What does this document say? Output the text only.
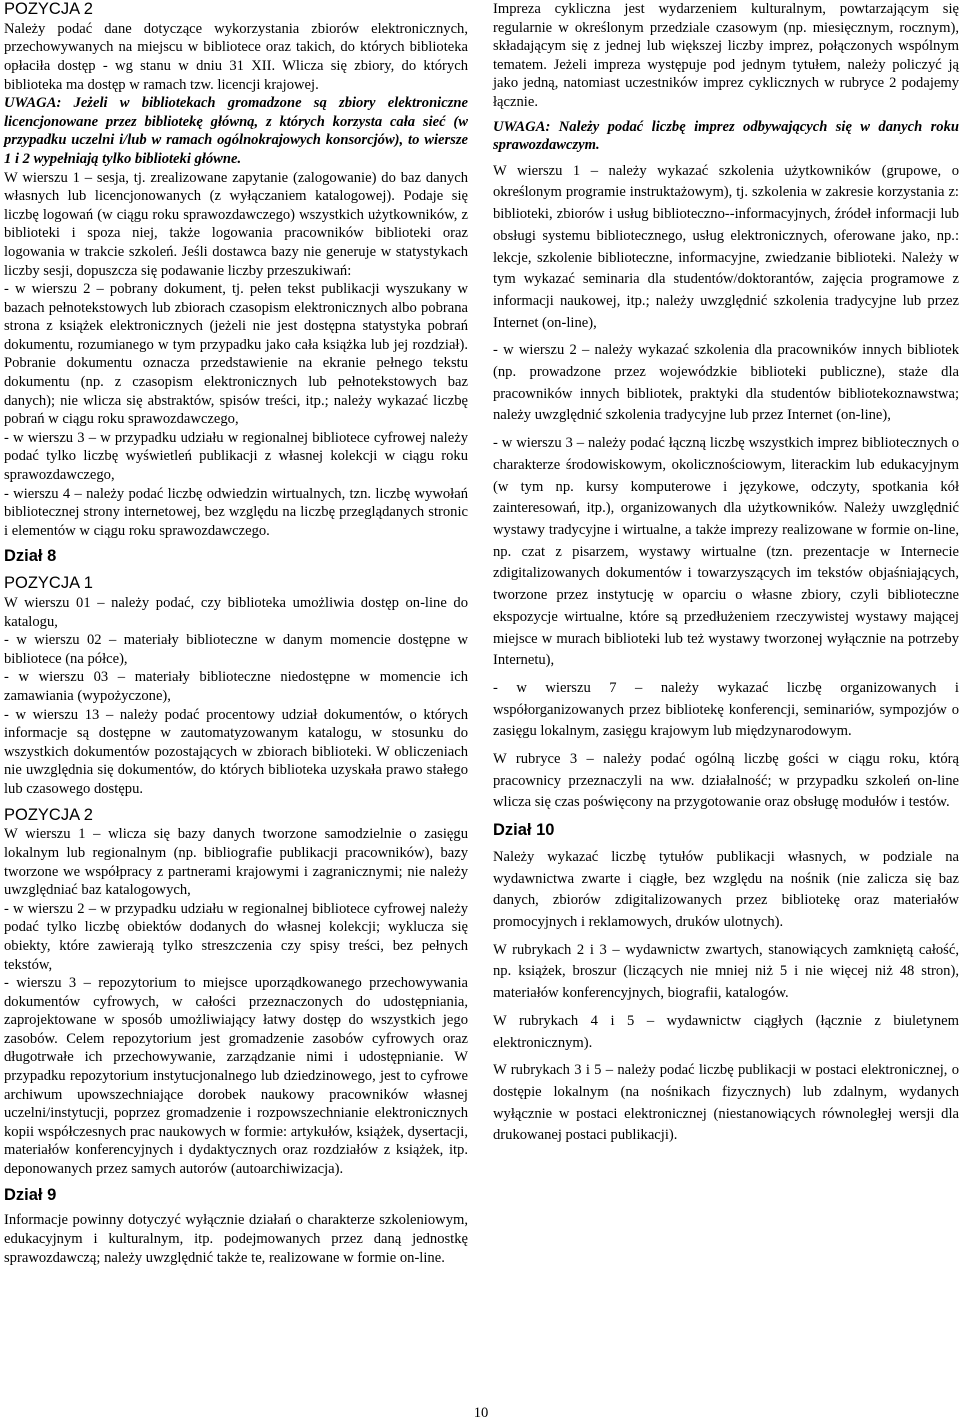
POZYCJA 2

Należy podać dane dotyczące wykorzystania zbiorów elektronicznych, przechowywanych na miejscu w bibliotece oraz takich, do których biblioteka opłaciła dostęp - wg stanu w dniu 31 XII. Wlicza się zbiory, do których biblioteka ma dostęp w ramach tzw. licencji krajowej.

UWAGA: Jeżeli w bibliotekach gromadzone są zbiory elektroniczne licencjonowane przez bibliotekę główną, z których korzysta cała sieć (w przypadku uczelni i/lub w ramach ogólnokrajowych konsorcjów), to wiersze 1 i 2 wypełniają tylko biblioteki główne.

W wierszu 1 – sesja, tj. zrealizowane zapytanie (zalogowanie) do baz danych własnych lub licencjonowanych (z wyłączaniem katalogowej). Podaje się liczbę logowań (w ciągu roku sprawozdawczego) wszystkich użytkowników, z biblioteki i spoza niej, także logowania pracowników biblioteki oraz logowania w trakcie szkoleń. Jeśli dostawca bazy nie generuje w statystykach liczby sesji, dopuszcza się podawanie liczby przeszukiwań:

- w wierszu 2 – pobrany dokument, tj. pełen tekst publikacji wyszukany w bazach pełnotekstowych lub zbiorach czasopism elektronicznych albo pobrana strona z książek elektronicznych (jeżeli nie jest dostępna statystyka pobrań dokumentu, rozumianego w tym przypadku jako cała książka lub jej rozdział). Pobranie dokumentu oznacza przedstawienie na ekranie pełnego tekstu dokumentu (np. z czasopism elektronicznych lub pełnotekstowych baz danych); nie wlicza się abstraktów, spisów treści, itp.; należy wykazać liczbę pobrań w ciągu roku sprawozdawczego,

- w wierszu 3 – w przypadku udziału w regionalnej bibliotece cyfrowej należy podać tylko liczbę wyświetleń publikacji z własnej kolekcji w ciągu roku sprawozdawczego,

- wierszu 4 – należy podać liczbę odwiedzin wirtualnych, tzn. liczbę wywołań bibliotecznej strony internetowej, bez względu na liczbę przeglądanych stronic i elementów w ciągu roku sprawozdawczego.

Dział 8
POZYCJA 1

W wierszu 01 – należy podać, czy biblioteka umożliwia dostęp on-line do katalogu,

- w wierszu 02 – materiały biblioteczne w danym momencie dostępne w bibliotece (na półce),

- w wierszu 03 – materiały biblioteczne niedostępne w momencie ich zamawiania (wypożyczone),

- w wierszu 13 – należy podać procentowy udział dokumentów, o których informacje są dostępne w zautomatyzowanym katalogu, w stosunku do wszystkich dokumentów pozostających w zbiorach biblioteki. W obliczeniach nie uwzględnia się dokumentów, do których biblioteka uzyskała prawo stałego lub czasowego dostępu.

POZYCJA 2

W wierszu 1 – wlicza się bazy danych tworzone samodzielnie o zasięgu lokalnym lub regionalnym (np. bibliografie publikacji pracowników), bazy tworzone we współpracy z partnerami krajowymi i zagranicznymi; nie należy uwzględniać baz katalogowych,

- w wierszu 2 – w przypadku udziału w regionalnej bibliotece cyfrowej należy podać tylko liczbę obiektów dodanych do własnej kolekcji; wyklucza się obiekty, które zawierają tylko streszczenia czy spisy treści, bez pełnych tekstów,

- wierszu 3 – repozytorium to miejsce uporządkowanego przechowywania dokumentów cyfrowych, w całości przeznaczonych do udostępniania, zaprojektowane w sposób umożliwiający łatwy dostęp do wszystkich jego zasobów. Celem repozytorium jest gromadzenie zasobów cyfrowych oraz długotrwałe ich przechowywanie, zarządzanie nimi i udostępnianie. W przypadku repozytorium instytucjonalnego lub dziedzinowego, jest to cyfrowe archiwum upowszechniające dorobek naukowy pracowników własnej uczelni/instytucji, poprzez gromadzenie i rozpowszechnianie elektronicznych kopii współczesnych prac naukowych w formie: artykułów, książek, dysertacji, materiałów konferencyjnych i dydaktycznych oraz rozdziałów z książek, itp. deponowanych przez samych autorów (autoarchiwizacja).

Dział 9

Informacje powinny dotyczyć wyłącznie działań o charakterze szkoleniowym, edukacyjnym i kulturalnym, itp. podejmowanych przez daną jednostkę sprawozdawczą; należy uwzględnić także te, realizowane w formie on-line.

Impreza cykliczna jest wydarzeniem kulturalnym, powtarzającym się regularnie w określonym przedziale czasowym (np. miesięcznym, rocznym), składającym się z jednej lub większej liczby imprez, połączonych wspólnym tematem. Jeżeli impreza występuje pod jednym tytułem, należy policzyć ją jako jedną, natomiast uczestników imprez cyklicznych w rubryce 2 podajemy łącznie.

UWAGA: Należy podać liczbę imprez odbywających się w danych roku sprawozdawczym.

W wierszu 1 – należy wykazać szkolenia użytkowników (grupowe, o określonym programie instruktażowym), tj. szkolenia w zakresie korzystania z: biblioteki, zbiorów i usług biblioteczno--informacyjnych, źródeł informacji lub obsługi systemu bibliotecznego, usług elektronicznych, oferowane jako, np.: lekcje, szkolenie biblioteczne, informacyjne, zwiedzanie biblioteki. Należy w tym wykazać seminaria dla studentów/doktorantów, zajęcia programowe z informacji naukowej, itp.; należy uwzględnić szkolenia tradycyjne lub przez Internet (on-line),

- w wierszu 2 – należy wykazać szkolenia dla pracowników innych bibliotek (np. prowadzone przez wojewódzkie biblioteki publiczne), staże dla pracowników innych bibliotek, praktyki dla studentów bibliotekoznawstwa; należy uwzględnić szkolenia tradycyjne lub przez Internet (on-line),

- w wierszu 3 – należy podać łączną liczbę wszystkich imprez bibliotecznych o charakterze środowiskowym, okolicznościowym, literackim lub edukacyjnym (w tym np. kursy komputerowe i językowe, odczyty, spotkania kół zainteresowań, itp.), organizowanych dla użytkowników. Należy uwzględnić wystawy tradycyjne i wirtualne, a także imprezy realizowane w formie on-line, np. czat z pisarzem, wystawy wirtualne (tzn. prezentacje w Internecie zdigitalizowanych dokumentów i towarzyszących im tekstów objaśniających, tworzone przez instytucję w oparciu o własne zbiory, czyli biblioteczne ekspozycje wirtualne, które są przedłużeniem rzeczywistej wystawy mającej miejsce w murach biblioteki lub też wystawy tworzonej wyłącznie na potrzeby Internetu),

- w wierszu 7 – należy wykazać liczbę organizowanych i współorganizowanych przez bibliotekę konferencji, seminariów, sympozjów o zasięgu lokalnym, zasięgu krajowym lub międzynarodowym.

W rubryce 3 – należy podać ogólną liczbę gości w ciągu roku, którą pracownicy przeznaczyli na ww. działalność; w przypadku szkoleń on-line wlicza się czas poświęcony na przygotowanie oraz obsługę modułów i testów.

Dział 10

Należy wykazać liczbę tytułów publikacji własnych, w podziale na wydawnictwa zwarte i ciągłe, bez względu na nośnik (nie zalicza się baz danych, zbiorów zdigitalizowanych przez bibliotekę oraz materiałów promocyjnych i reklamowych, druków ulotnych).

W rubrykach 2 i 3 – wydawnictw zwartych, stanowiących zamkniętą całość, np. książek, broszur (liczących nie mniej niż 5 i nie więcej niż 48 stron), materiałów konferencyjnych, biografii, katalogów.

W rubrykach 4 i 5 – wydawnictw ciągłych (łącznie z biuletynem elektronicznym).

W rubrykach 3 i 5 – należy podać liczbę publikacji w postaci elektronicznej, o dostępie lokalnym (na nośnikach fizycznych) lub zdalnym, wydanych wyłącznie w postaci elektronicznej (niestanowiących równoległej wersji dla drukowanej postaci publikacji).

10
